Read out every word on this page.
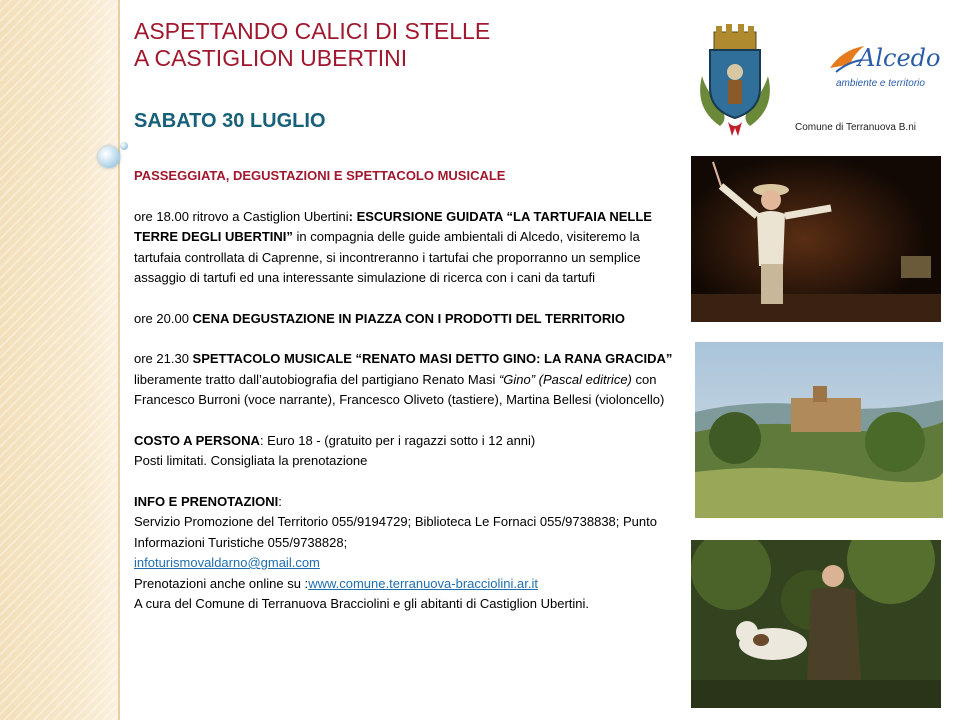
ASPETTANDO CALICI DI STELLE
A CASTIGLION UBERTINI
SABATO 30 LUGLIO

PASSEGGIATA, DEGUSTAZIONI E SPETTACOLO MUSICALE

ore 18.00 ritrovo a Castiglion Ubertini: ESCURSIONE GUIDATA “LA TARTUFAIA NELLE TERRE DEGLI UBERTINI” in compagnia delle guide ambientali di Alcedo, visiteremo la tartufaia controllata di Caprenne, si incontreranno i tartufai che proporranno un semplice assaggio di tartufi ed una interessante simulazione di ricerca con i cani da tartufi

ore 20.00 CENA DEGUSTAZIONE IN PIAZZA CON I PRODOTTI DEL TERRITORIO

ore 21.30 SPETTACOLO MUSICALE “RENATO MASI DETTO GINO: LA RANA GRACIDA” liberamente tratto dall’autobiografia del partigiano Renato Masi “Gino” (Pascal editrice) con Francesco Burroni (voce narrante), Francesco Oliveto (tastiere), Martina Bellesi (violoncello)

COSTO A PERSONA: Euro 18 - (gratuito per i ragazzi sotto i 12 anni)

Posti limitati. Consigliata la prenotazione

INFO E PRENOTAZIONI:

Servizio Promozione del Territorio 055/9194729; Biblioteca Le Fornaci 055/9738838; Punto Informazioni Turistiche 055/9738828;

infoturismovaldarno@gmail.com

Prenotazioni anche online su :www.comune.terranuova-bracciolini.ar.it

A cura del Comune di Terranuova Bracciolini e gli abitanti di Castiglion Ubertini.

Comune di Terranuova B.ni
Alcedo
ambiente e territorio
